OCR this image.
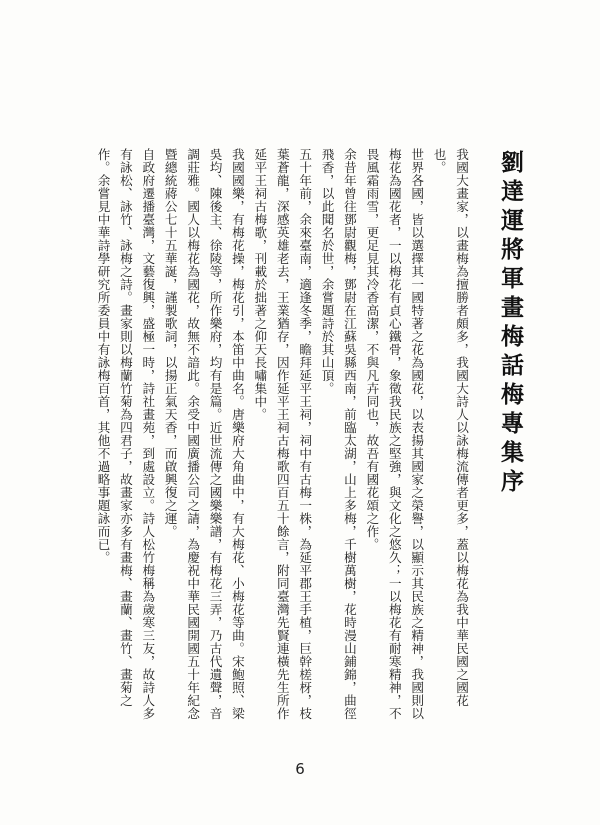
劉達運將軍畫梅話梅專集序

我國大畫家，以畫梅為擅勝者頗多，我國大詩人以詠梅流傳者更多，蓋以梅花為我中華民國之國花也。

世界各國，皆以選擇其一國特著之花為國花，以表揚其國家之榮譽，以顯示其民族之精神，我國則以梅花為國花者，一以梅花有貞心鐵骨，象徵我民族之堅強，與文化之悠久；一以梅花有耐寒精神，不畏風霜雨雪，更足見其冷香高潔，不與凡卉同也，故吾有國花頌之作。

余昔年曾往鄧尉觀梅，鄧尉在江蘇吳縣西南，前臨太湖，山上多梅，千樹萬樹，花時漫山鋪錦，曲徑飛香，以此聞名於世，余嘗題詩於其山頂。

五十年前，余來臺南，適逢冬季，瞻拜延平王祠，祠中有古梅一株，為延平郡王手植，巨幹槎枒，枝葉蒼龍，深感英雄老去，王業猶存，因作延平王祠古梅歌四百五十餘言，附同臺灣先賢連橫先生所作延平王祠古梅歌，刊載於拙著之仰天長嘯集中。

我國國樂，有梅花操，梅花引，本笛中曲名。唐樂府大角曲中，有大梅花、小梅花等曲。宋鮑照、梁吳均、陳後主、徐陵等，所作樂府，均有是篇。近世流傳之國樂樂譜，有梅花三弄，乃古代遺聲，音調莊雅。國人以梅花為國花，故無不諳此。余受中國廣播公司之請，為慶祝中華民國開國五十年紀念暨總統蔣公七十五華誕，謹製歌詞，以揚正氣天香，而啟興復之運。

自政府遷播臺灣，文藝復興，盛極一時，詩社畫苑，到處設立。詩人松竹梅稱為歲寒三友，故詩人多有詠松、詠竹、詠梅之詩。畫家則以梅蘭竹菊為四君子，故畫家亦多有畫梅、畫蘭、畫竹、畫菊之作。余嘗見中華詩學研究所委員中有詠梅百首，其他不過略事題詠而已。

6
